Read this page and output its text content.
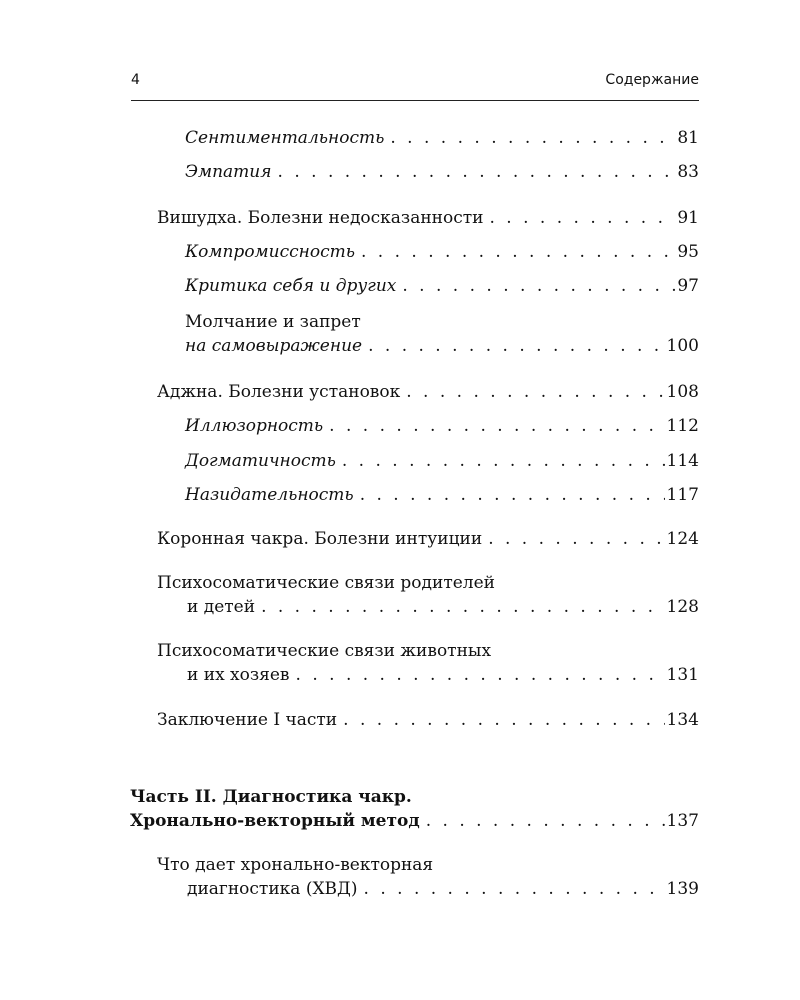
4	Содержание
Сентиментальность . . .	81
Эмпатия . . .	83
Вишудха. Болезни недосказанности . . .	91
Компромиссность . . .	95
Критика себя и других . . .	97
Молчание и запрет
на самовыражение . . .	100
Аджна. Болезни установок . . .	108
Иллюзорность . . .	112
Догматичность . . .	114
Назидательность . . .	117
Коронная чакра. Болезни интуиции . . .	124
Психосоматические связи родителей
и детей . . .	128
Психосоматические связи животных
и их хозяев . . .	131
Заключение I части . . .	134
Часть II. Диагностика чакр.
Хронально-векторный метод . . .	137
Что дает хронально-векторная
диагностика (ХВД) . . .	139
